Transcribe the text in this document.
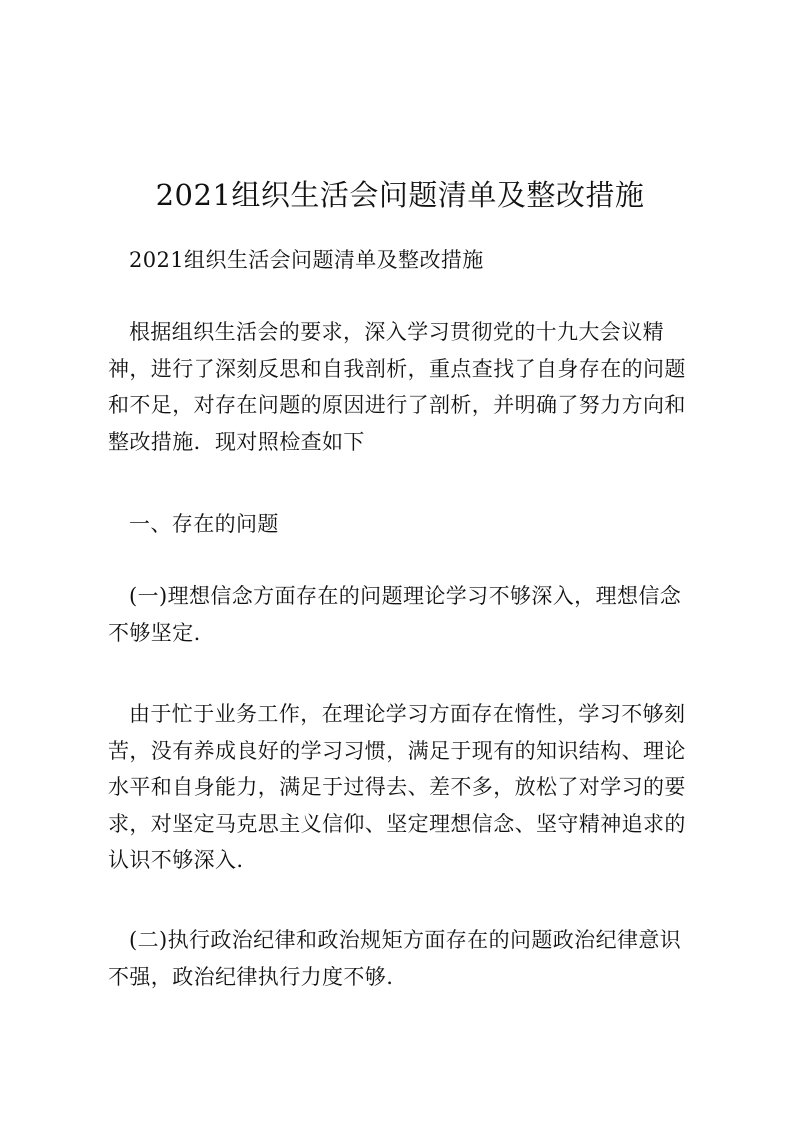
2021组织生活会问题清单及整改措施

2021组织生活会问题清单及整改措施

根据组织生活会的要求，深入学习贯彻党的十九大会议精神，进行了深刻反思和自我剖析，重点查找了自身存在的问题和不足，对存在问题的原因进行了剖析，并明确了努力方向和整改措施．现对照检查如下

一、存在的问题

(一)理想信念方面存在的问题理论学习不够深入，理想信念不够坚定.

由于忙于业务工作，在理论学习方面存在惰性，学习不够刻苦，没有养成良好的学习习惯，满足于现有的知识结构、理论水平和自身能力，满足于过得去、差不多，放松了对学习的要求，对坚定马克思主义信仰、坚定理想信念、坚守精神追求的认识不够深入.

(二)执行政治纪律和政治规矩方面存在的问题政治纪律意识不强，政治纪律执行力度不够.
